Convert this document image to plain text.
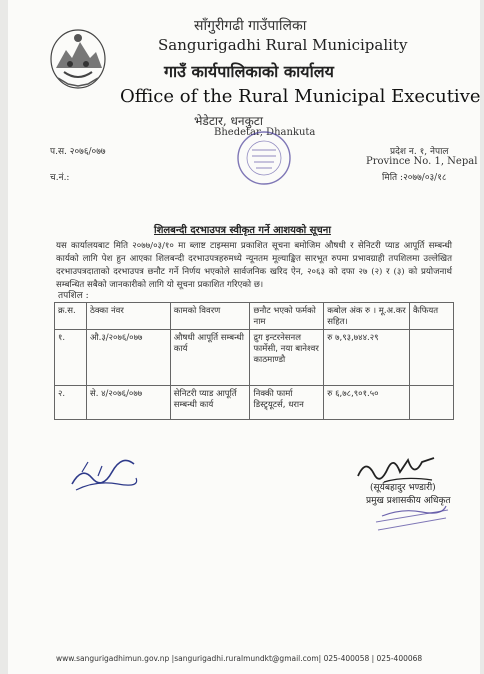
साँगुरीगढी गाउँपालिका
Sangurigadhi Rural Municipality
गाउँ कार्यपालिकाको कार्यालय
Office of the Rural Municipal Executive
भेडेटार, धनकुटा
Bhedetar, Dhankuta
प.स. २०७६/०७७
च.नं.:
प्रदेश न. १, नेपाल
Province No. 1, Nepal
मिति :२०७७/०३/१८
शिलबन्दी दरभाउपत्र स्वीकृत गर्ने आशयको सूचना
यस कार्यालयबाट मिति २०७७/०३/१० मा ब्लाष्ट टाइम्समा प्रकाशित सूचना बमोजिम औषधी र सेनिटरी प्याड आपूर्ति सम्बन्धी कार्यको लागि पेश हुन आएका शिलबन्दी दरभाउपत्रहरुमध्ये न्यूनतम मूल्याङ्कित सारभूत रुपमा प्रभावग्राही तपशिलमा उल्लेखित दरभाउपत्रदाताको दरभाउपत्र छनौट गर्ने निर्णय भएकोले सार्वजनिक खरिद ऐन, २०६३ को दफा २७ (२) र (३) को प्रयोजनार्थ सम्बन्धित सबैको जानकारीको लागि यो सूचना प्रकाशित गरिएको छ।
तपशिल :
क्र.स.	ठेक्का नंवर	कामको विवरण	छनौट भएको फर्मको नाम	कबोल अंक रु । मू.अ.कर सहित।	कैफियत
१.	औ.३/२०७६/०७७	औषधी आपूर्ति सम्बन्धी कार्य	द्रुग इन्टरनेसनल फार्मेसी, नया बानेश्वर काठमाण्डौ	रु ७,९३,७४४.२९	
२.	से. ४/२०७६/०७७	सेनिटरी प्याड आपूर्ति सम्बन्धी कार्य	निक्की फार्मा डिस्ट्र्यूटर्स, धरान	रु ६,७८,९०१.५०	
(सूर्यबहादुर भण्डारी)
प्रमुख प्रशासकीय अधिकृत
www.sangurigadhimun.gov.np |sangurigadhi.ruralmundkt@gmail.com| 025-400058 | 025-400068
